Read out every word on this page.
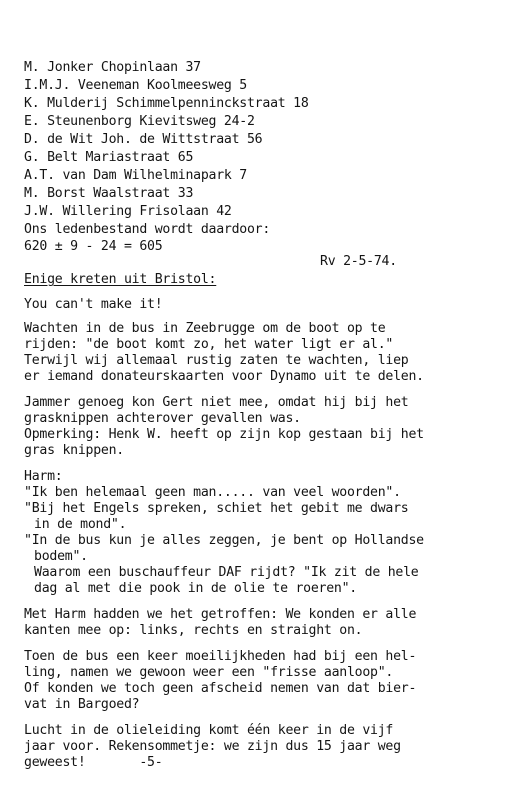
M. Jonker Chopinlaan 37
I.M.J. Veeneman Koolmeesweg 5
K. Mulderij Schimmelpenninckstraat 18
E. Steunenborg Kievitsweg 24-2
D. de Wit Joh. de Wittstraat 56
G. Belt Mariastraat 65
A.T. van Dam Wilhelminapark 7
M. Borst Waalstraat 33
J.W. Willering Frisolaan 42
Ons ledenbestand wordt daardoor:
620 ± 9 - 24 = 605
Rv 2-5-74.
Enige kreten uit Bristol:
You can't make it!
Wachten in de bus in Zeebrugge om de boot op te
rijden: "de boot komt zo, het water ligt er al."
Terwijl wij allemaal rustig zaten te wachten, liep
er iemand donateurskaarten voor Dynamo uit te delen.
Jammer genoeg kon Gert niet mee, omdat hij bij het
grasknippen achterover gevallen was.
Opmerking: Henk W. heeft op zijn kop gestaan bij het
gras knippen.
Harm:
"Ik ben helemaal geen man..... van veel woorden".
"Bij het Engels spreken, schiet het gebit me dwars
in de mond".
"In de bus kun je alles zeggen, je bent op Hollandse
bodem".
Waarom een buschauffeur DAF rijdt? "Ik zit de hele
dag al met die pook in de olie te roeren".
Met Harm hadden we het getroffen: We konden er alle
kanten mee op: links, rechts en straight on.
Toen de bus een keer moeilijkheden had bij een hel-
ling, namen we gewoon weer een "frisse aanloop".
Of konden we toch geen afscheid nemen van dat bier-
vat in Bargoed?
Lucht in de olieleiding komt één keer in de vijf
jaar voor. Rekensommetje: we zijn dus 15 jaar weg
geweest!       -5-
